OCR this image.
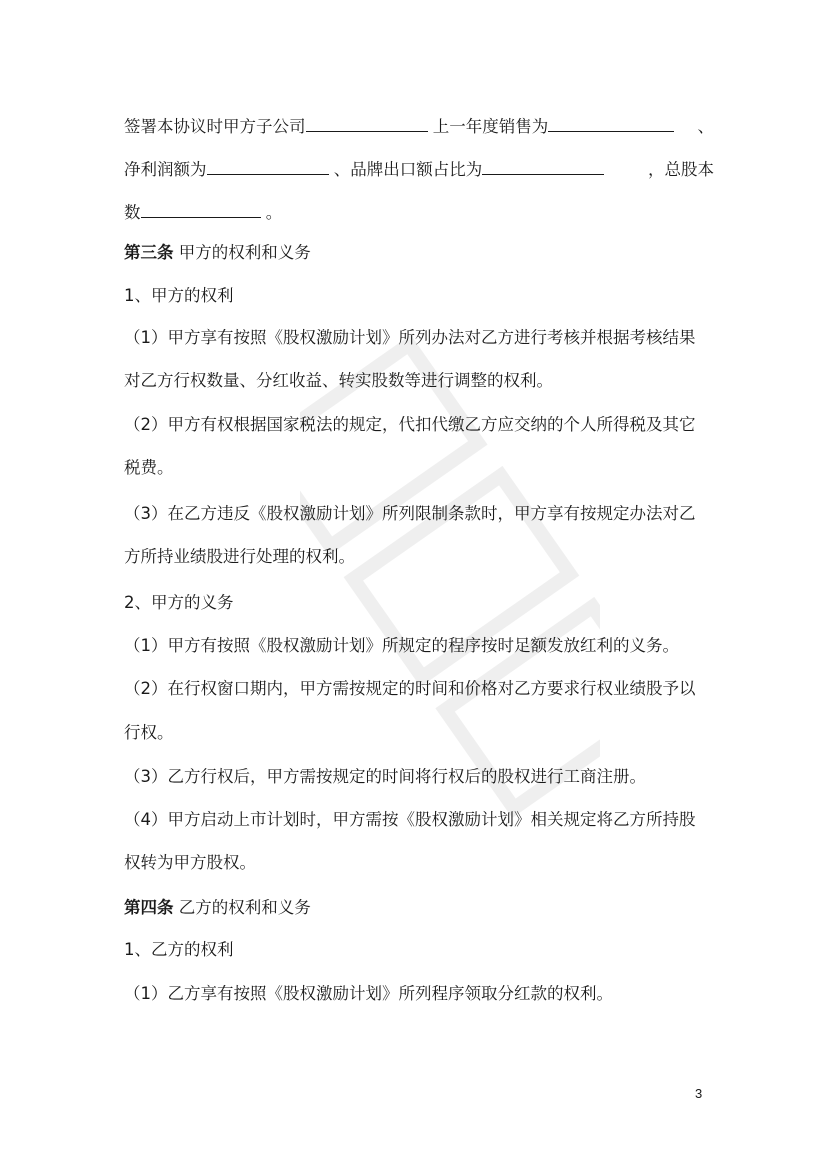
签署本协议时甲方子公司	上一年度销售为	、
净利润额为	、品牌出口额占比为	，总股本
数	。
第三条 甲方的权利和义务
1、甲方的权利
（1）甲方享有按照《股权激励计划》所列办法对乙方进行考核并根据考核结果
对乙方行权数量、分红收益、转实股数等进行调整的权利。
（2）甲方有权根据国家税法的规定，代扣代缴乙方应交纳的个人所得税及其它
税费。
（3）在乙方违反《股权激励计划》所列限制条款时，甲方享有按规定办法对乙
方所持业绩股进行处理的权利。
2、甲方的义务
（1）甲方有按照《股权激励计划》所规定的程序按时足额发放红利的义务。
（2）在行权窗口期内，甲方需按规定的时间和价格对乙方要求行权业绩股予以
行权。
（3）乙方行权后，甲方需按规定的时间将行权后的股权进行工商注册。
（4）甲方启动上市计划时，甲方需按《股权激励计划》相关规定将乙方所持股
权转为甲方股权。
第四条 乙方的权利和义务
1、乙方的权利
（1）乙方享有按照《股权激励计划》所列程序领取分红款的权利。
3
